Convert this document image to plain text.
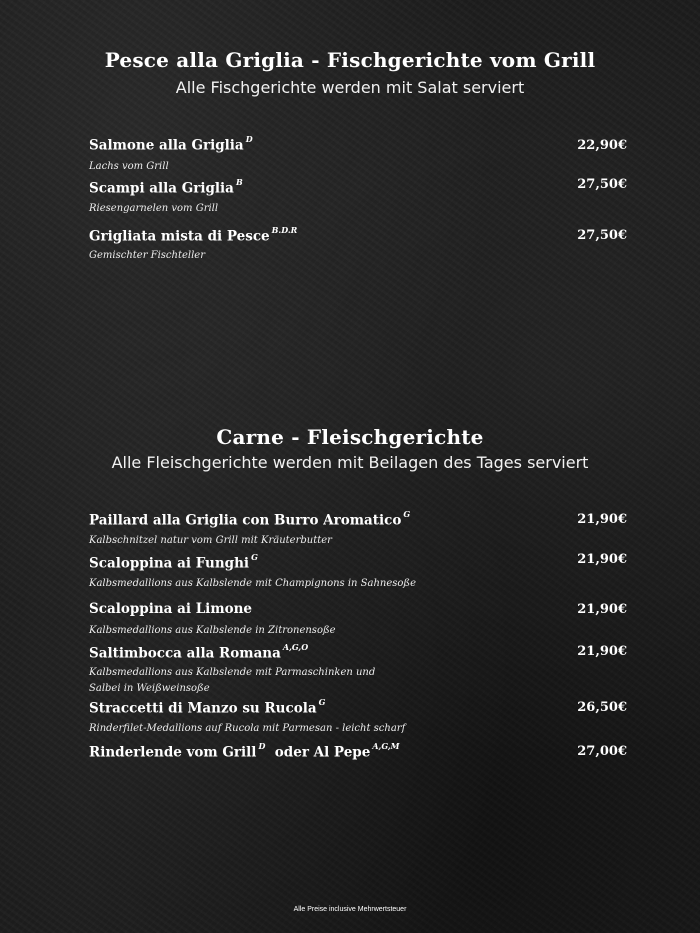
Pesce alla Griglia - Fischgerichte vom Grill
Alle Fischgerichte werden mit Salat serviert
Salmone alla Griglia $^D$	22,90€
Lachs vom Grill
Scampi alla Griglia $^B$	27,50€
Riesengarnelen vom Grill
Grigliata mista di Pesce $^{B.D.R}$	27,50€
Gemischter Fischteller
Carne - Fleischgerichte
Alle Fleischgerichte werden mit Beilagen des Tages serviert
Paillard alla Griglia con Burro Aromatico $^G$	21,90€
Kalbschnitzel natur vom Grill mit Kräuterbutter
Scaloppina ai Funghi $^G$	21,90€
Kalbsmedallions aus Kalbslende mit Champignons in Sahnesoße
Scaloppina ai Limone	21,90€
Kalbsmedallions aus Kalbslende in Zitronensoße
Saltimbocca alla Romana $^{A,G,O}$	21,90€
Kalbsmedallions aus Kalbslende mit Parmaschinken und
Salbei in Weißweinsoße
Straccetti di Manzo su Rucola $^G$	26,50€
Rinderfilet-Medallions auf Rucola mit Parmesan - leicht scharf
Rinderlende vom Grill $^D$ oder Al Pepe $^{A,G,M}$	27,00€
Alle Preise inclusive Mehrwertsteuer
